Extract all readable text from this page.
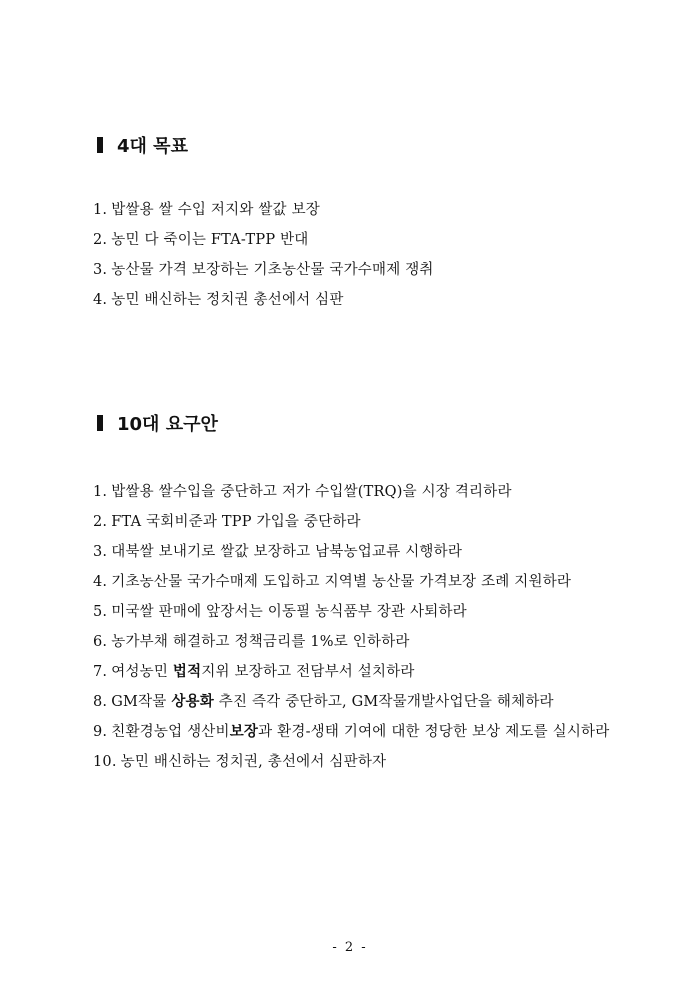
4대 목표
1. 밥쌀용 쌀 수입 저지와 쌀값 보장
2. 농민 다 죽이는 FTA-TPP 반대
3. 농산물 가격 보장하는 기초농산물 국가수매제 쟁취
4. 농민 배신하는 정치권 총선에서 심판
10대 요구안
1. 밥쌀용 쌀수입을 중단하고 저가 수입쌀(TRQ)을 시장 격리하라
2. FTA 국회비준과 TPP 가입을 중단하라
3. 대북쌀 보내기로 쌀값 보장하고 남북농업교류 시행하라
4. 기초농산물 국가수매제 도입하고 지역별 농산물 가격보장 조례 지원하라
5. 미국쌀 판매에 앞장서는 이동필 농식품부 장관 사퇴하라
6. 농가부채 해결하고 정책금리를 1%로 인하하라
7. 여성농민 법적지위 보장하고 전담부서 설치하라
8. GM작물 상용화 추진 즉각 중단하고, GM작물개발사업단을 해체하라
9. 친환경농업 생산비보장과 환경-생태 기여에 대한 정당한 보상 제도를 실시하라
10. 농민 배신하는 정치권, 총선에서 심판하자
- 2 -
